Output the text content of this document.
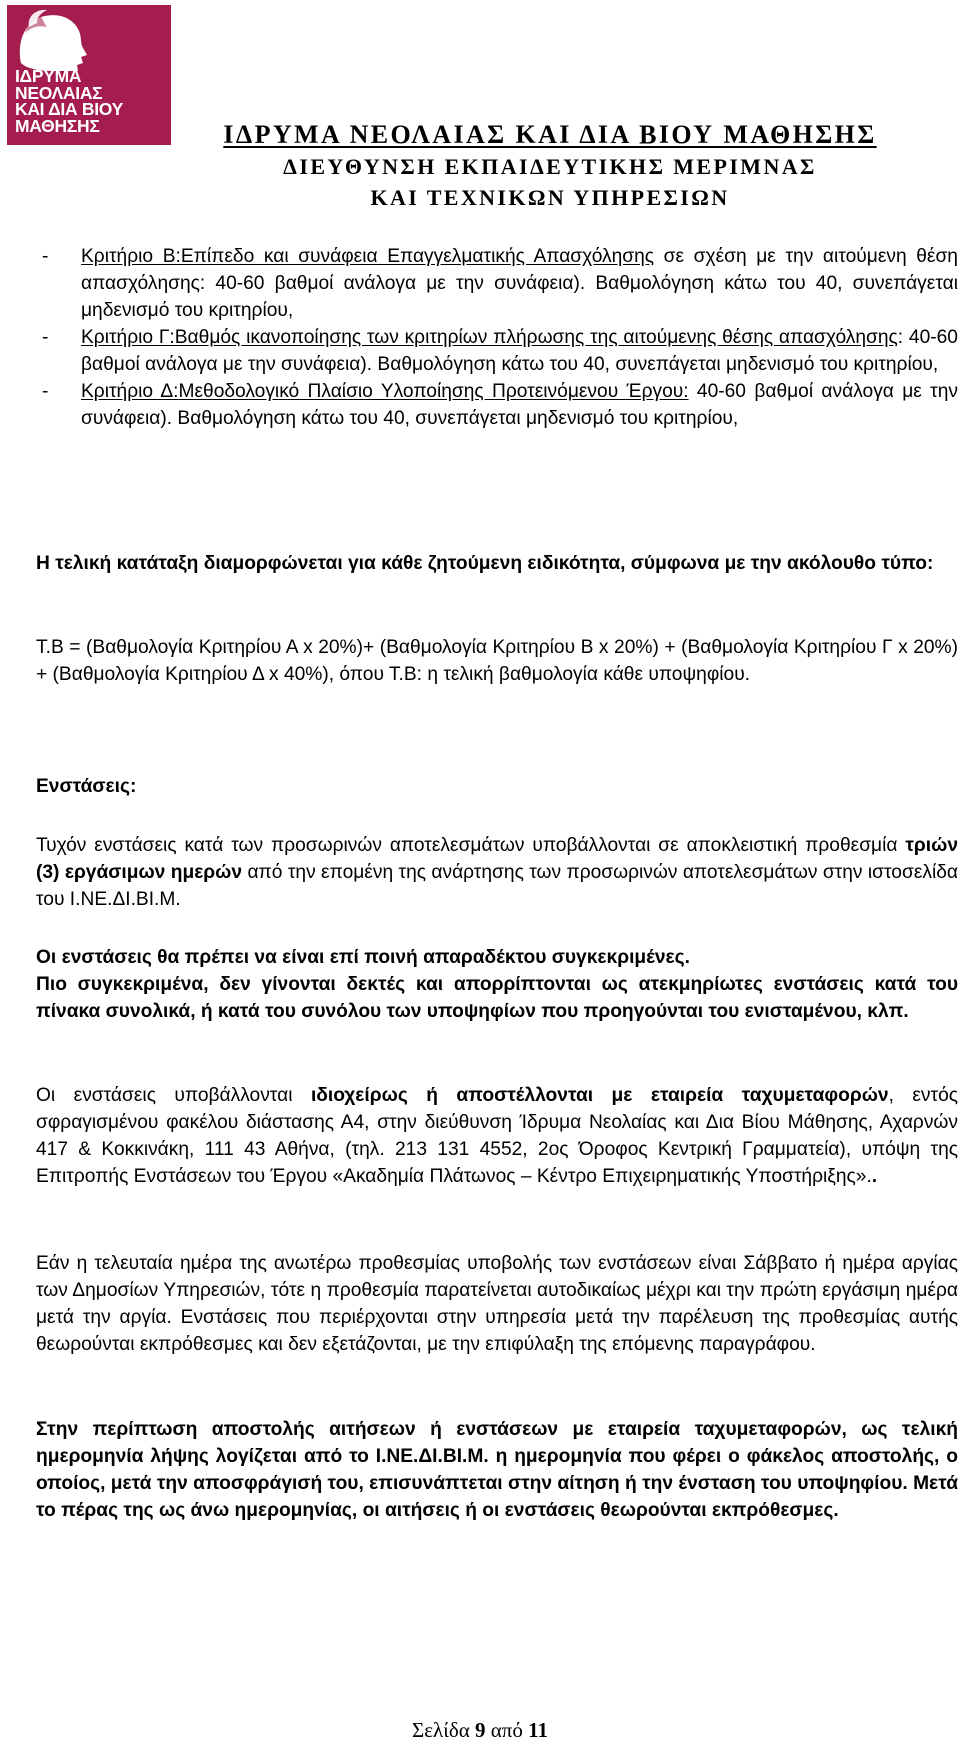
ΙΔΡΥΜΑ
ΝΕΟΛΑΙΑΣ
ΚΑΙ ΔΙΑ ΒΙΟΥ
ΜΑΘΗΣΗΣ	ΙΔΡΥΜΑ ΝΕΟΛΑΙΑΣ ΚΑΙ ΔΙΑ ΒΙΟΥ ΜΑΘΗΣΗΣ
ΔΙΕΥΘΥΝΣΗ ΕΚΠΑΙΔΕΥΤΙΚΗΣ ΜΕΡΙΜΝΑΣ
ΚΑΙ ΤΕΧΝΙΚΩΝ ΥΠΗΡΕΣΙΩΝ

- Κριτήριο Β:Επίπεδο και συνάφεια Επαγγελματικής Απασχόλησης σε σχέση με την αιτούμενη θέση απασχόλησης: 40-60 βαθμοί ανάλογα με την συνάφεια). Βαθμολόγηση κάτω του 40, συνεπάγεται μηδενισμό του κριτηρίου,

- Κριτήριο Γ:Βαθμός ικανοποίησης των κριτηρίων πλήρωσης της αιτούμενης θέσης απασχόλησης: 40-60 βαθμοί ανάλογα με την συνάφεια). Βαθμολόγηση κάτω του 40, συνεπάγεται μηδενισμό του κριτηρίου,

- Κριτήριο Δ:Μεθοδολογικό Πλαίσιο Υλοποίησης Προτεινόμενου Έργου: 40-60 βαθμοί ανάλογα με την συνάφεια). Βαθμολόγηση κάτω του 40, συνεπάγεται μηδενισμό του κριτηρίου,

Η τελική κατάταξη διαμορφώνεται για κάθε ζητούμενη ειδικότητα, σύμφωνα με την ακόλουθο τύπο:
Τ.Β = (Βαθμολογία Κριτηρίου Α x 20%)+ (Βαθμολογία Κριτηρίου Β x 20%) + (Βαθμολογία Κριτηρίου Γ x 20%) + (Βαθμολογία Κριτηρίου Δ x 40%), όπου Τ.Β: η τελική βαθμολογία κάθε υποψηφίου.
Ενστάσεις:
Τυχόν ενστάσεις κατά των προσωρινών αποτελεσμάτων υποβάλλονται σε αποκλειστική προθεσμία τριών (3) εργάσιμων ημερών από την επομένη της ανάρτησης των προσωρινών αποτελεσμάτων στην ιστοσελίδα του Ι.ΝΕ.ΔΙ.ΒΙ.Μ.

Οι ενστάσεις θα πρέπει να είναι επί ποινή απαραδέκτου συγκεκριμένες.

Πιο συγκεκριμένα, δεν γίνονται δεκτές και απορρίπτονται ως ατεκμηρίωτες ενστάσεις κατά του πίνακα συνολικά, ή κατά του συνόλου των υποψηφίων που προηγούνται του ενισταμένου, κλπ.

Οι ενστάσεις υποβάλλονται ιδιοχείρως ή αποστέλλονται με εταιρεία ταχυμεταφορών, εντός σφραγισμένου φακέλου διάστασης Α4, στην διεύθυνση Ίδρυμα Νεολαίας και Δια Βίου Μάθησης, Αχαρνών 417 & Κοκκινάκη, 111 43 Αθήνα, (τηλ. 213 131 4552, 2ος Όροφος Κεντρική Γραμματεία), υπόψη της Επιτροπής Ενστάσεων του Έργου «Ακαδημία Πλάτωνος – Κέντρο Επιχειρηματικής Υποστήριξης»..
Εάν η τελευταία ημέρα της ανωτέρω προθεσμίας υποβολής των ενστάσεων είναι Σάββατο ή ημέρα αργίας των Δημοσίων Υπηρεσιών, τότε η προθεσμία παρατείνεται αυτοδικαίως μέχρι και την πρώτη εργάσιμη ημέρα μετά την αργία. Ενστάσεις που περιέρχονται στην υπηρεσία μετά την παρέλευση της προθεσμίας αυτής θεωρούνται εκπρόθεσμες και δεν εξετάζονται, με την επιφύλαξη της επόμενης παραγράφου.
Στην περίπτωση αποστολής αιτήσεων ή ενστάσεων με εταιρεία ταχυμεταφορών, ως τελική ημερομηνία λήψης λογίζεται από το Ι.ΝΕ.ΔΙ.ΒΙ.Μ. η ημερομηνία που φέρει ο φάκελος αποστολής, ο οποίος, μετά την αποσφράγισή του, επισυνάπτεται στην αίτηση ή την ένσταση του υποψηφίου. Μετά το πέρας της ως άνω ημερομηνίας, οι αιτήσεις ή οι ενστάσεις θεωρούνται εκπρόθεσμες.
Σελίδα 9 από 11
